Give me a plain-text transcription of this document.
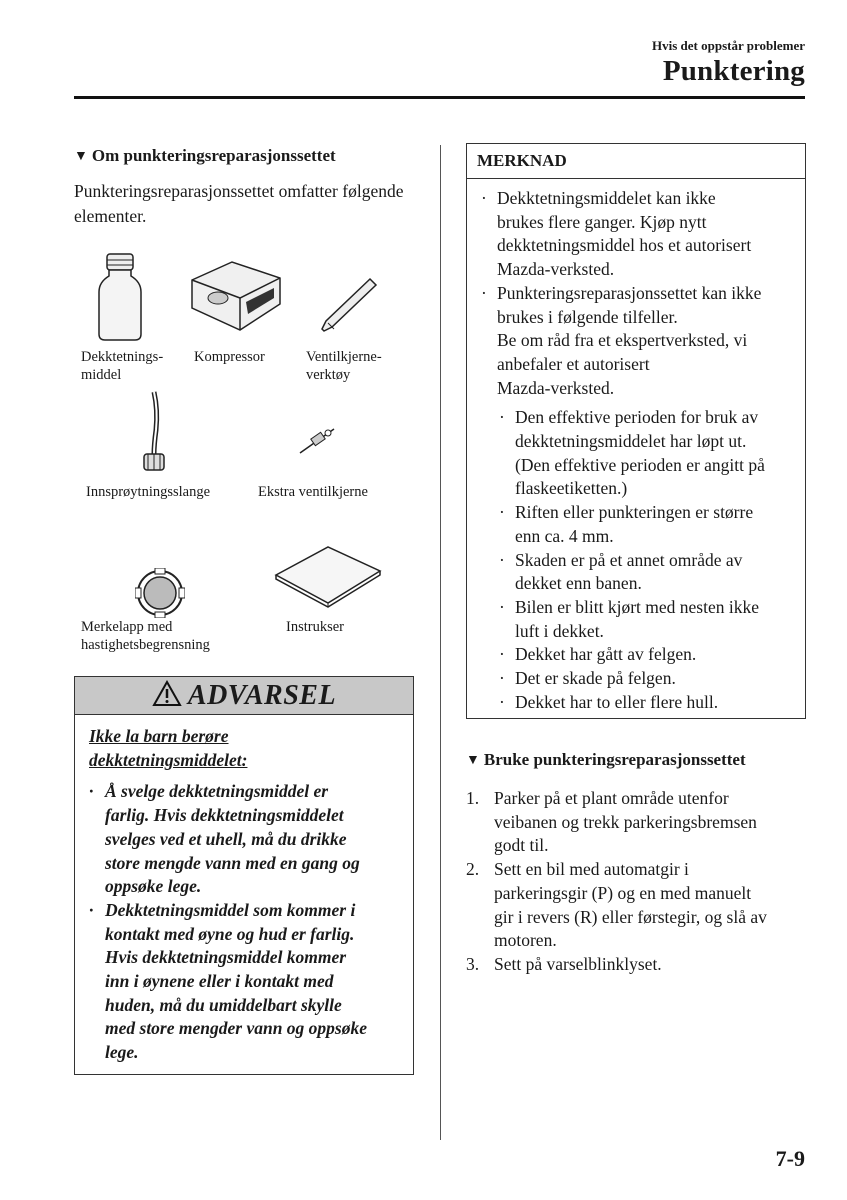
Hvis det oppstår problemer
Punktering
▼ Om punkteringsreparasjonssettet
Punkteringsreparasjonssettet omfatter følgende elementer.
Dekktetnings-
middel
Kompressor	Ventilkjerne-
verktøy
Innsprøytningsslange	Ekstra ventilkjerne
Merkelapp med
hastighetsbegrensning
Instrukser
ADVARSEL
Ikke la barn berøre
dekktetningsmiddelet:
· Å svelge dekktetningsmiddel er
farlig. Hvis dekktetningsmiddelet
svelges ved et uhell, må du drikke
store mengde vann med en gang og
oppsøke lege.
· Dekktetningsmiddel som kommer i
kontakt med øyne og hud er farlig.
Hvis dekktetningsmiddel kommer
inn i øynene eller i kontakt med
huden, må du umiddelbart skylle
med store mengder vann og oppsøke
lege.
MERKNAD
· Dekktetningsmiddelet kan ikke
brukes flere ganger. Kjøp nytt
dekktetningsmiddel hos et autorisert
Mazda-verksted.
· Punkteringsreparasjonssettet kan ikke
brukes i følgende tilfeller.
Be om råd fra et ekspertverksted, vi
anbefaler et autorisert
Mazda-verksted.
· Den effektive perioden for bruk av
dekktetningsmiddelet har løpt ut.
(Den effektive perioden er angitt på
flaskeetiketten.)
· Riften eller punkteringen er større
enn ca. 4 mm.
· Skaden er på et annet område av
dekket enn banen.
· Bilen er blitt kjørt med nesten ikke
luft i dekket.
· Dekket har gått av felgen.
· Det er skade på felgen.
· Dekket har to eller flere hull.
▼ Bruke punkteringsreparasjonssettet
1. Parker på et plant område utenfor
veibanen og trekk parkeringsbremsen
godt til.
2. Sett en bil med automatgir i
parkeringsgir (P) og en med manuelt
gir i revers (R) eller førstegir, og slå av
motoren.
3. Sett på varselblinklyset.
7-9
